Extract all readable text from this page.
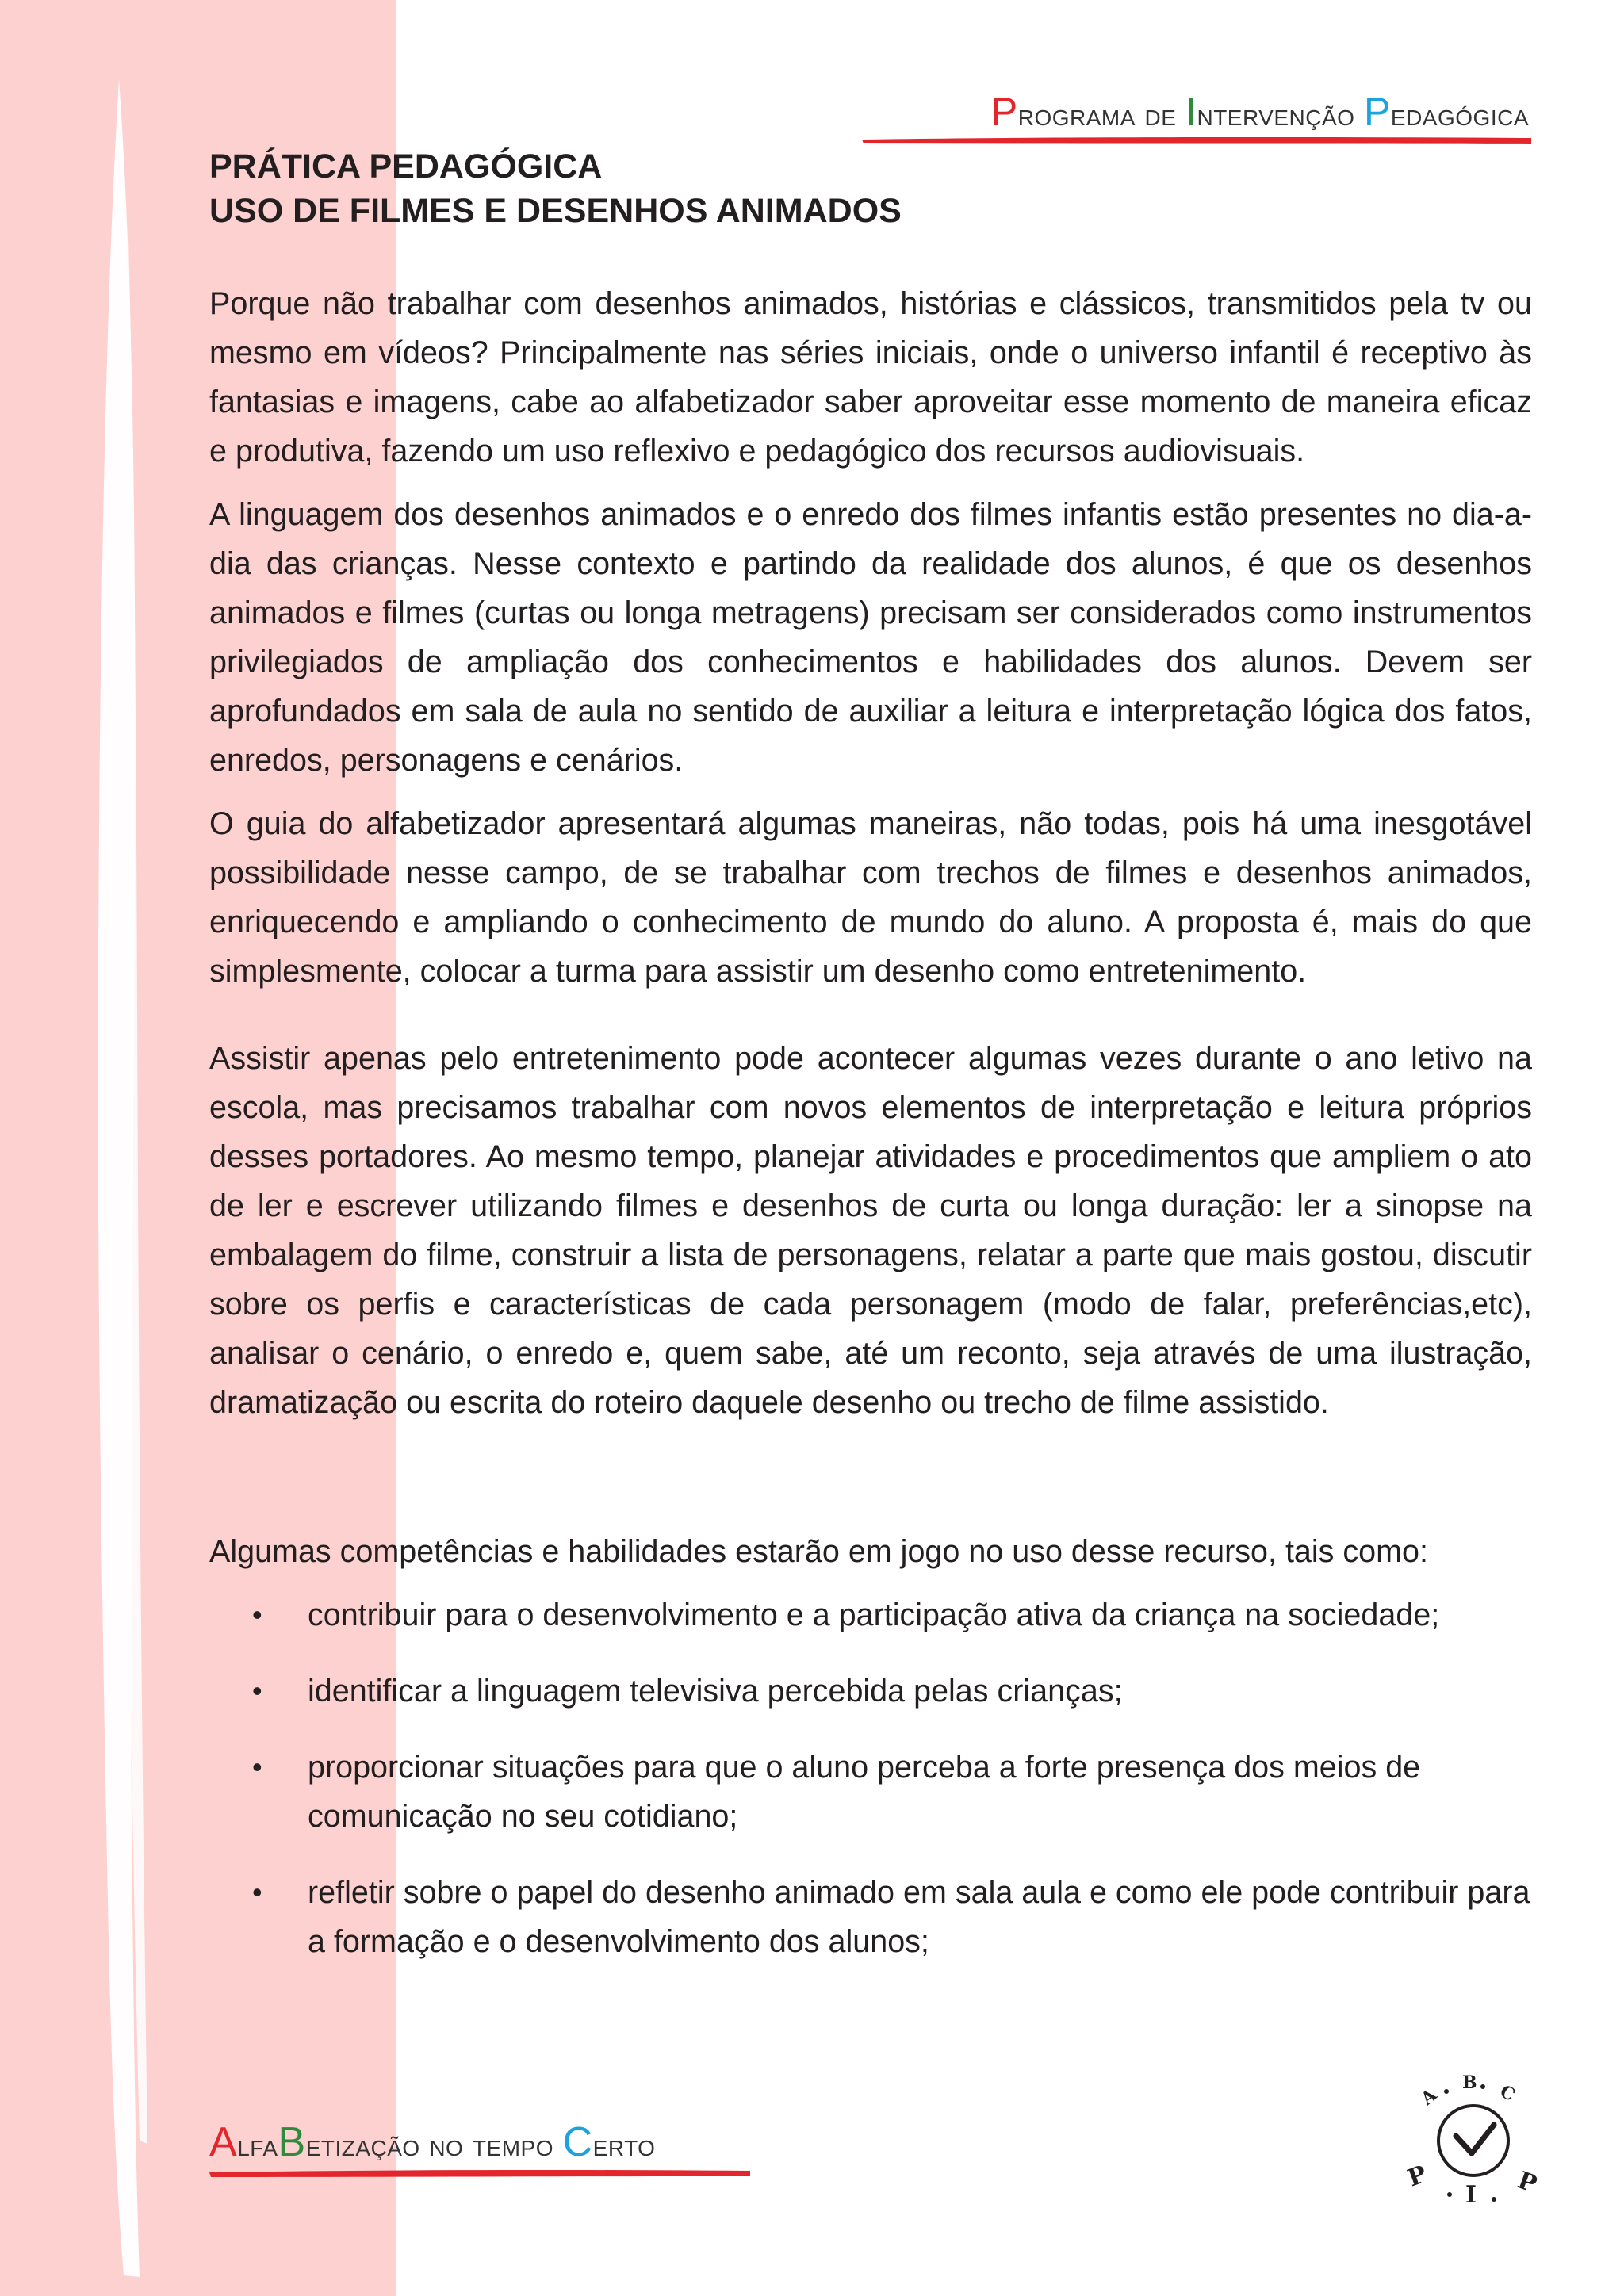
Programa de Intervenção Pedagógica
PRÁTICA PEDAGÓGICA
USO DE FILMES E DESENHOS ANIMADOS

Porque não trabalhar com desenhos animados, histórias e clássicos, transmitidos pela tv ou mesmo em vídeos? Principalmente nas séries iniciais, onde o universo infantil é receptivo às fantasias e imagens, cabe ao alfabetizador saber aproveitar esse momento de maneira eficaz e produtiva, fazendo um uso reflexivo e pedagógico dos recursos audiovisuais.

A linguagem dos desenhos animados e o enredo dos filmes infantis estão presentes no dia-a-dia das crianças. Nesse contexto e partindo da realidade dos alunos, é que os desenhos animados e filmes (curtas ou longa metragens) precisam ser considerados como instrumentos privilegiados de ampliação dos conhecimentos e habilidades dos alunos. Devem ser aprofundados em sala de aula no sentido de auxiliar a leitura e interpretação lógica dos fatos, enredos, personagens e cenários.

O guia do alfabetizador apresentará algumas maneiras, não todas, pois há uma inesgotável possibilidade nesse campo, de se trabalhar com trechos de filmes e desenhos animados, enriquecendo e ampliando o conhecimento de mundo do aluno. A proposta é, mais do que simplesmente, colocar a turma para assistir um desenho como entretenimento.

Assistir apenas pelo entretenimento pode acontecer algumas vezes durante o ano letivo na escola, mas precisamos trabalhar com novos elementos de interpretação e leitura próprios desses portadores. Ao mesmo tempo, planejar atividades e procedimentos que ampliem o ato de ler e escrever utilizando filmes e desenhos de curta ou longa duração: ler a sinopse na embalagem do filme, construir a lista de personagens, relatar a parte que mais gostou, discutir sobre os perfis e características de cada personagem (modo de falar, preferências,etc), analisar o cenário, o enredo e, quem sabe, até um reconto, seja através de uma ilustração, dramatização ou escrita do roteiro daquele desenho ou trecho de filme assistido.

Algumas competências e habilidades estarão em jogo no uso desse recurso, tais como:

• contribuir para o desenvolvimento e a participação ativa da criança na sociedade;
• identificar a linguagem televisiva percebida pelas crianças;
• proporcionar situações para que o aluno perceba a forte presença dos meios de comunicação no seu cotidiano;
• refletir sobre o papel do desenho animado em sala aula e como ele pode contribuir para a formação e o desenvolvimento dos alunos;
AlfaBetização no tempo Certo
A
B C
P
I P
